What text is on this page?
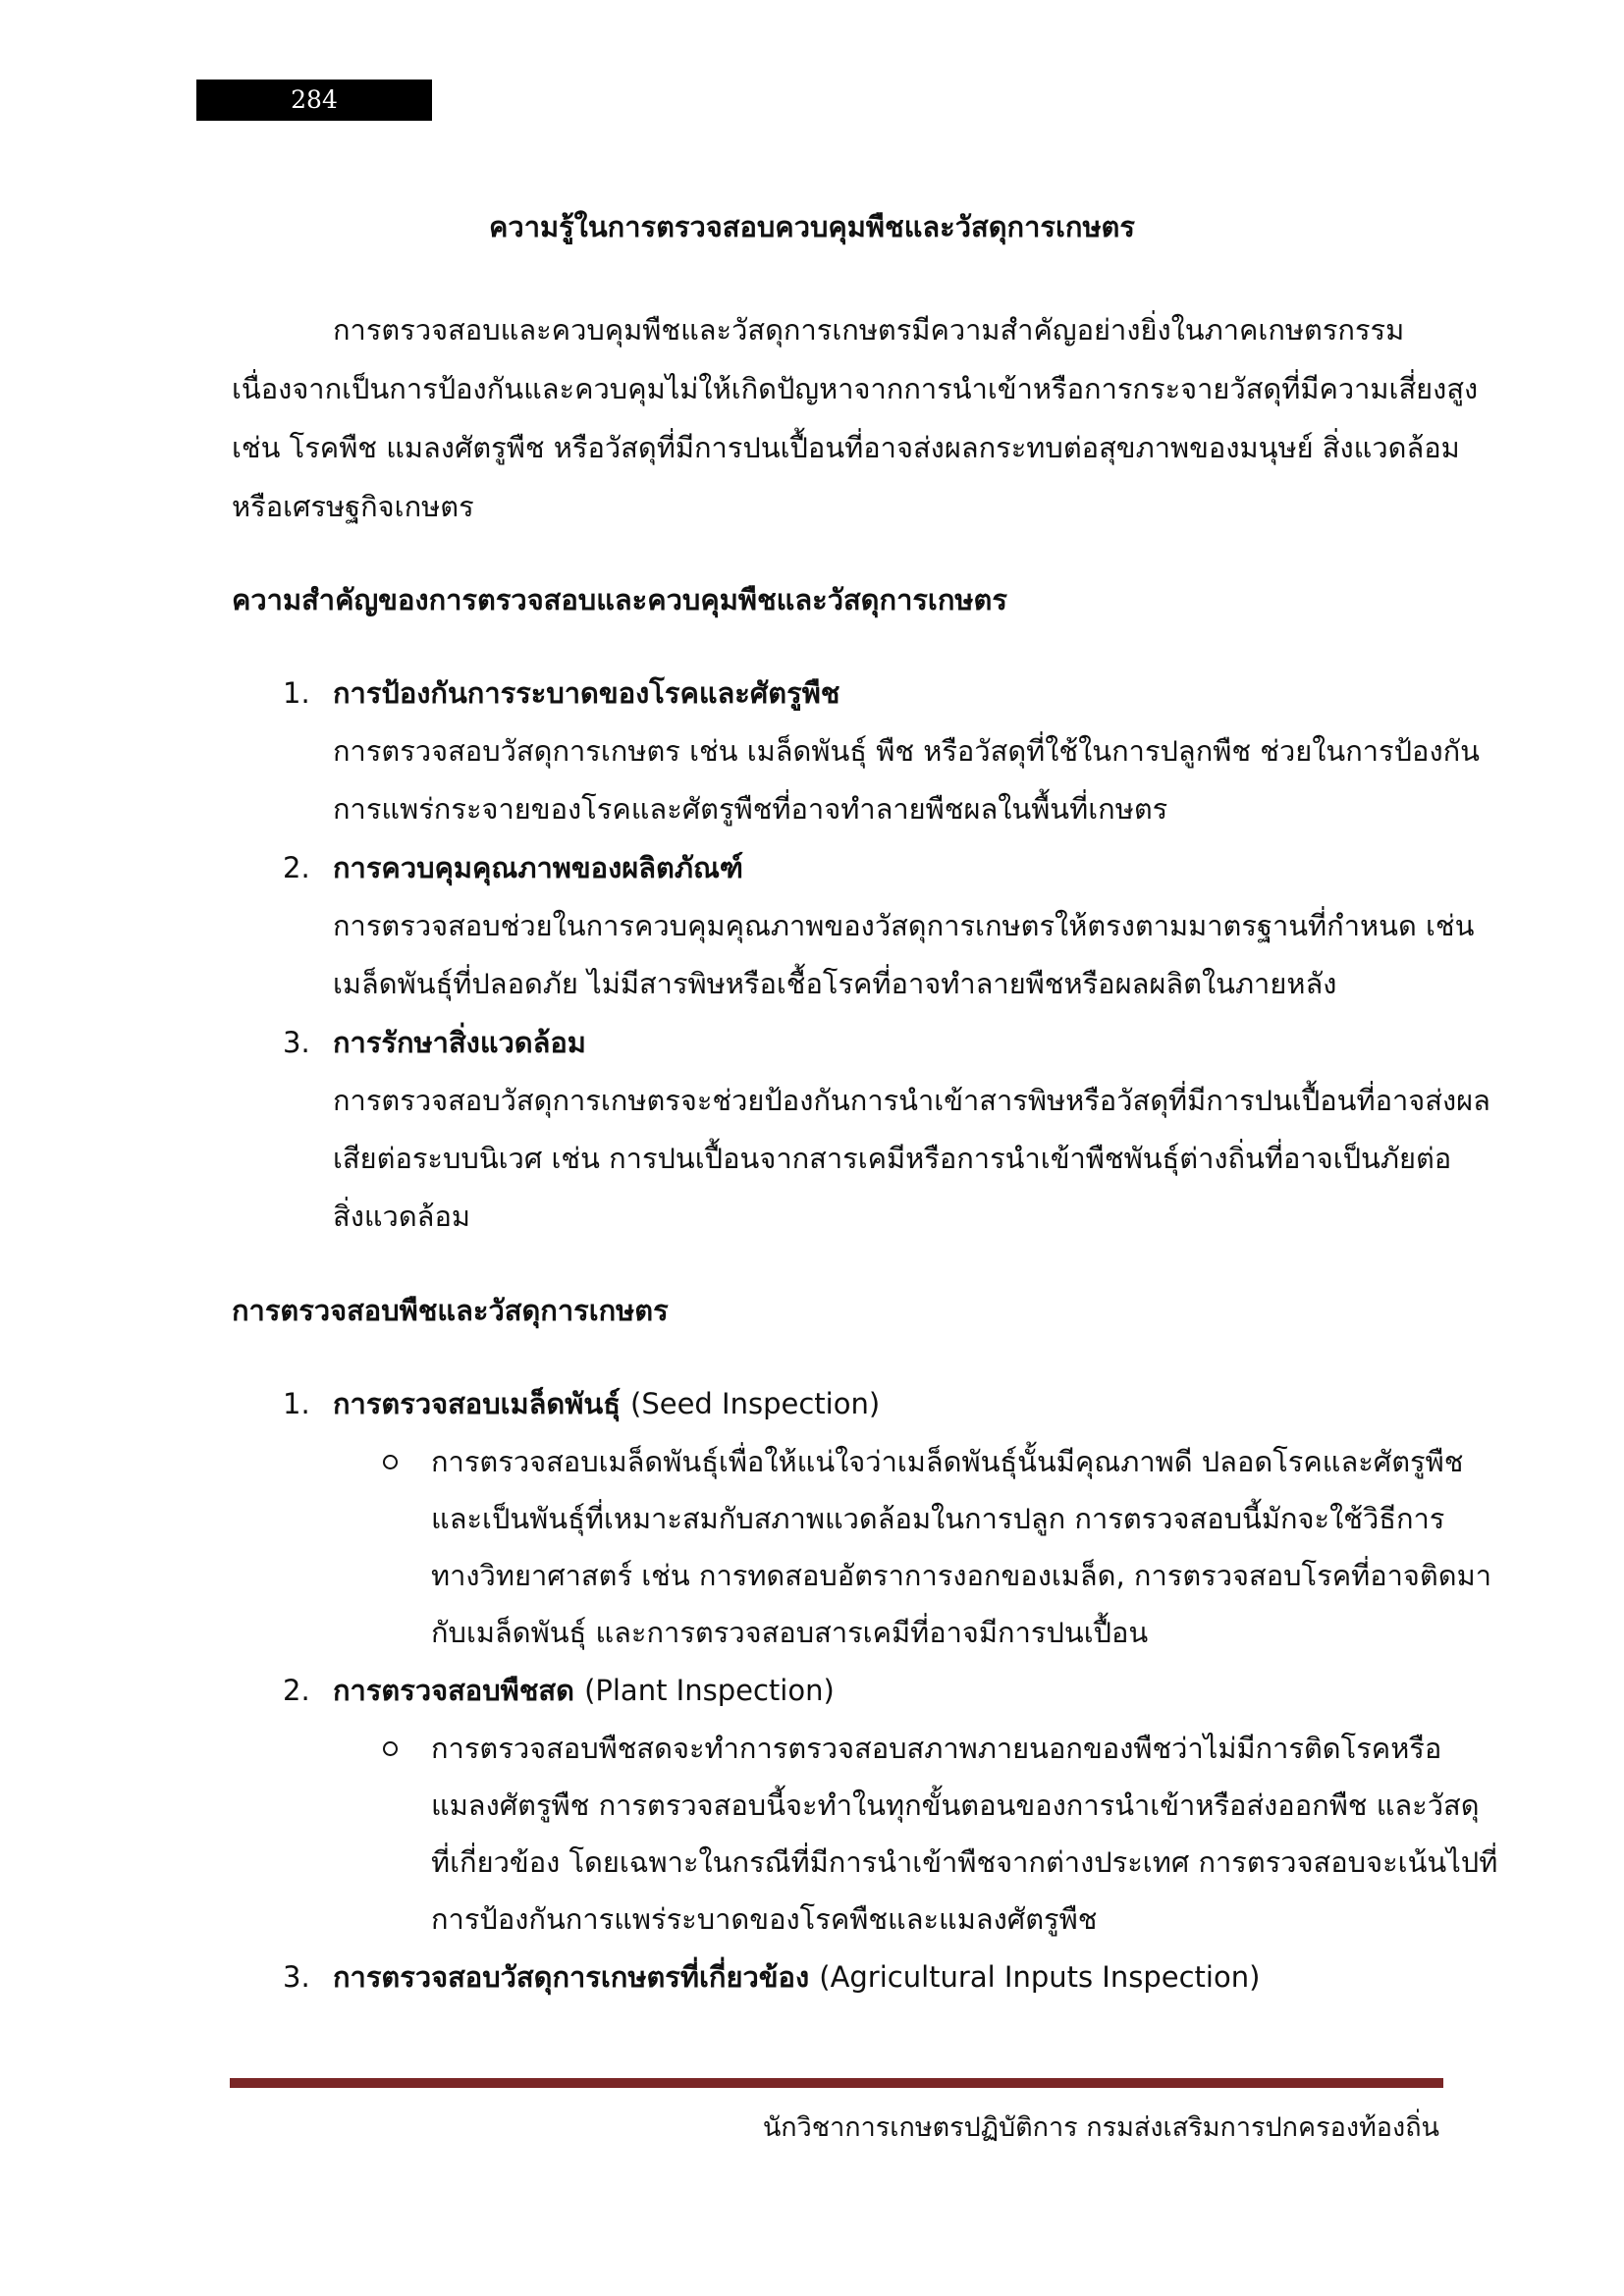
284
ความรู้ในการตรวจสอบควบคุมพืชและวัสดุการเกษตร

การตรวจสอบและควบคุมพืชและวัสดุการเกษตรมีความสำคัญอย่างยิ่งในภาคเกษตรกรรม
เนื่องจากเป็นการป้องกันและควบคุมไม่ให้เกิดปัญหาจากการนำเข้าหรือการกระจายวัสดุที่มีความเสี่ยงสูง
เช่น โรคพืช แมลงศัตรูพืช หรือวัสดุที่มีการปนเปื้อนที่อาจส่งผลกระทบต่อสุขภาพของมนุษย์ สิ่งแวดล้อม
หรือเศรษฐกิจเกษตร

ความสำคัญของการตรวจสอบและควบคุมพืชและวัสดุการเกษตร
1. การป้องกันการระบาดของโรคและศัตรูพืช

การตรวจสอบวัสดุการเกษตร เช่น เมล็ดพันธุ์ พืช หรือวัสดุที่ใช้ในการปลูกพืช ช่วยในการป้องกัน
การแพร่กระจายของโรคและศัตรูพืชที่อาจทำลายพืชผลในพื้นที่เกษตร

2. การควบคุมคุณภาพของผลิตภัณฑ์

การตรวจสอบช่วยในการควบคุมคุณภาพของวัสดุการเกษตรให้ตรงตามมาตรฐานที่กำหนด เช่น
เมล็ดพันธุ์ที่ปลอดภัย ไม่มีสารพิษหรือเชื้อโรคที่อาจทำลายพืชหรือผลผลิตในภายหลัง

3. การรักษาสิ่งแวดล้อม

การตรวจสอบวัสดุการเกษตรจะช่วยป้องกันการนำเข้าสารพิษหรือวัสดุที่มีการปนเปื้อนที่อาจส่งผล
เสียต่อระบบนิเวศ เช่น การปนเปื้อนจากสารเคมีหรือการนำเข้าพืชพันธุ์ต่างถิ่นที่อาจเป็นภัยต่อ
สิ่งแวดล้อม

การตรวจสอบพืชและวัสดุการเกษตร
1. การตรวจสอบเมล็ดพันธุ์ (Seed Inspection)
การตรวจสอบเมล็ดพันธุ์เพื่อให้แน่ใจว่าเมล็ดพันธุ์นั้นมีคุณภาพดี ปลอดโรคและศัตรูพืช
และเป็นพันธุ์ที่เหมาะสมกับสภาพแวดล้อมในการปลูก การตรวจสอบนี้มักจะใช้วิธีการ
ทางวิทยาศาสตร์ เช่น การทดสอบอัตราการงอกของเมล็ด, การตรวจสอบโรคที่อาจติดมา
กับเมล็ดพันธุ์ และการตรวจสอบสารเคมีที่อาจมีการปนเปื้อน
2. การตรวจสอบพืชสด (Plant Inspection)
การตรวจสอบพืชสดจะทำการตรวจสอบสภาพภายนอกของพืชว่าไม่มีการติดโรคหรือ
แมลงศัตรูพืช การตรวจสอบนี้จะทำในทุกขั้นตอนของการนำเข้าหรือส่งออกพืช และวัสดุ
ที่เกี่ยวข้อง โดยเฉพาะในกรณีที่มีการนำเข้าพืชจากต่างประเทศ การตรวจสอบจะเน้นไปที่
การป้องกันการแพร่ระบาดของโรคพืชและแมลงศัตรูพืช
3. การตรวจสอบวัสดุการเกษตรที่เกี่ยวข้อง (Agricultural Inputs Inspection)
นักวิชาการเกษตรปฏิบัติการ กรมส่งเสริมการปกครองท้องถิ่น
